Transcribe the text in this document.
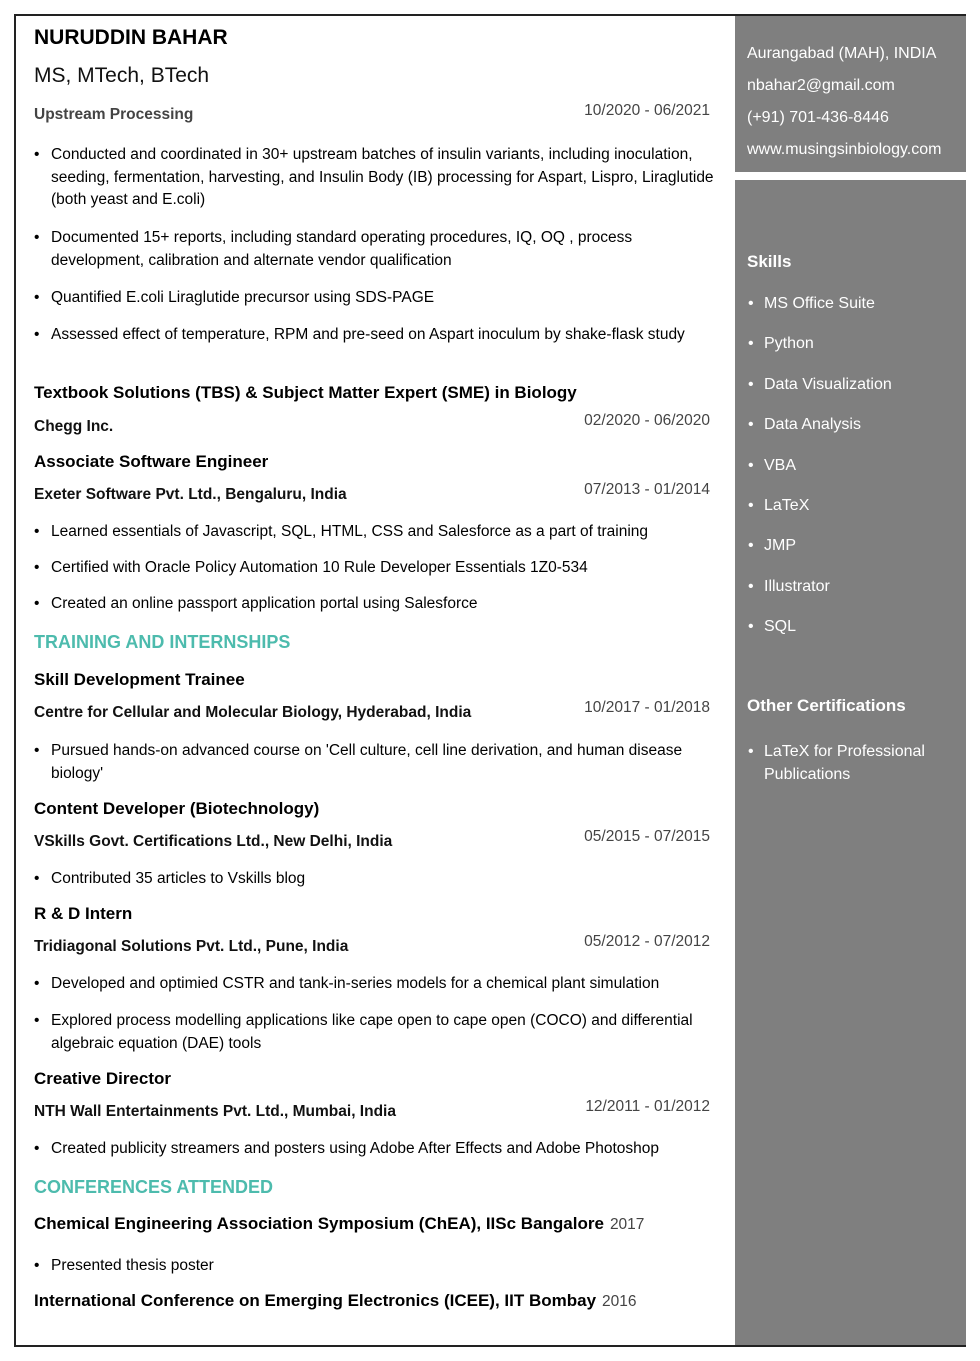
Aurangabad (MAH), INDIA
nbahar2@gmail.com
(+91) 701-436-8446
www.musingsinbiology.com
Skills
• MS Office Suite
• Python
• Data Visualization
• Data Analysis
• VBA
• LaTeX
• JMP
• Illustrator
• SQL
Other Certifications
• LaTeX for Professional Publications
NURUDDIN BAHAR
MS, MTech, BTech
Upstream Processing	10/2020 - 06/2021
• Conducted and coordinated in 30+ upstream batches of insulin variants, including inoculation, seeding, fermentation, harvesting, and Insulin Body (IB) processing for Aspart, Lispro, Liraglutide (both yeast and E.coli)
• Documented 15+ reports, including standard operating procedures, IQ, OQ , process development, calibration and alternate vendor qualification
• Quantified E.coli Liraglutide precursor using SDS-PAGE
• Assessed effect of temperature, RPM and pre-seed on Aspart inoculum by shake-flask study
Textbook Solutions (TBS) & Subject Matter Expert (SME) in Biology
Chegg Inc.	02/2020 - 06/2020
Associate Software Engineer
Exeter Software Pvt. Ltd., Bengaluru, India	07/2013 - 01/2014
• Learned essentials of Javascript, SQL, HTML, CSS and Salesforce as a part of training
• Certified with Oracle Policy Automation 10 Rule Developer Essentials 1Z0-534
• Created an online passport application portal using Salesforce
TRAINING AND INTERNSHIPS
Skill Development Trainee
Centre for Cellular and Molecular Biology, Hyderabad, India	10/2017 - 01/2018
• Pursued hands-on advanced course on 'Cell culture, cell line derivation, and human disease biology'
Content Developer (Biotechnology)
VSkills Govt. Certifications Ltd., New Delhi, India	05/2015 - 07/2015
• Contributed 35 articles to Vskills blog
R & D Intern
Tridiagonal Solutions Pvt. Ltd., Pune, India	05/2012 - 07/2012
• Developed and optimied CSTR and tank-in-series models for a chemical plant simulation
• Explored process modelling applications like cape open to cape open (COCO) and differential algebraic equation (DAE) tools
Creative Director
NTH Wall Entertainments Pvt. Ltd., Mumbai, India	12/2011 - 01/2012
• Created publicity streamers and posters using Adobe After Effects and Adobe Photoshop
CONFERENCES ATTENDED
Chemical Engineering Association Symposium (ChEA), IISc Bangalore 2017
• Presented thesis poster
International Conference on Emerging Electronics (ICEE), IIT Bombay 2016
